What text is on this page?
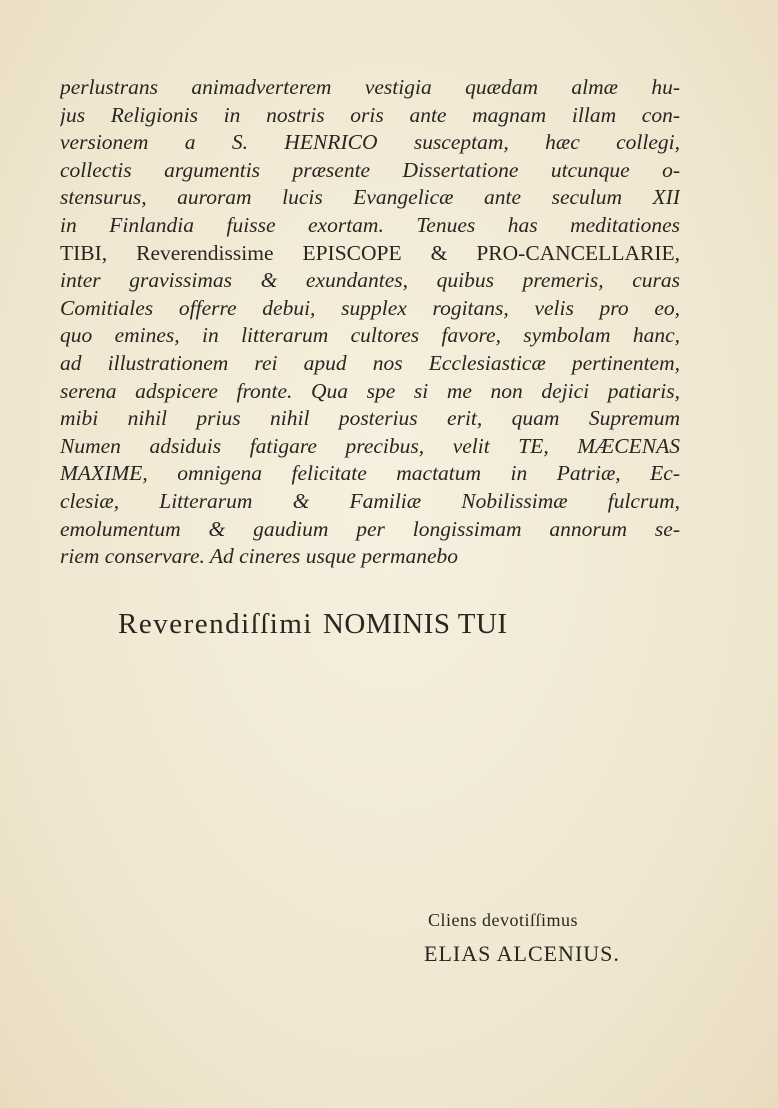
perlustrans animadverterem vestigia quædam almæ hu-
jus Religionis in nostris oris ante magnam illam con-
versionem a S. HENRICO susceptam, hæc collegi,
collectis argumentis præsente Dissertatione utcunque o-
stensurus, auroram lucis Evangelicæ ante seculum XII
in Finlandia fuisse exortam. Tenues has meditationes
TIBI, Reverendissime EPISCOPE & PRO-CANCELLARIE,
inter gravissimas & exundantes, quibus premeris, curas
Comitiales offerre debui, supplex rogitans, velis pro eo,
quo emines, in litterarum cultores favore, symbolam hanc,
ad illustrationem rei apud nos Ecclesiasticæ pertinentem,
serena adspicere fronte. Qua spe si me non dejici patiaris,
mibi nihil prius nihil posterius erit, quam Supremum
Numen adsiduis fatigare precibus, velit TE, MÆCENAS
MAXIME, omnigena felicitate mactatum in Patriæ, Ec-
clesiæ, Litterarum & Familiæ Nobilissimæ fulcrum,
emolumentum & gaudium per longissimam annorum se-
riem conservare. Ad cineres usque permanebo
Reverendiſſimi NOMINIS TUI
Cliens devotiſſimus
ELIAS ALCENIUS.
